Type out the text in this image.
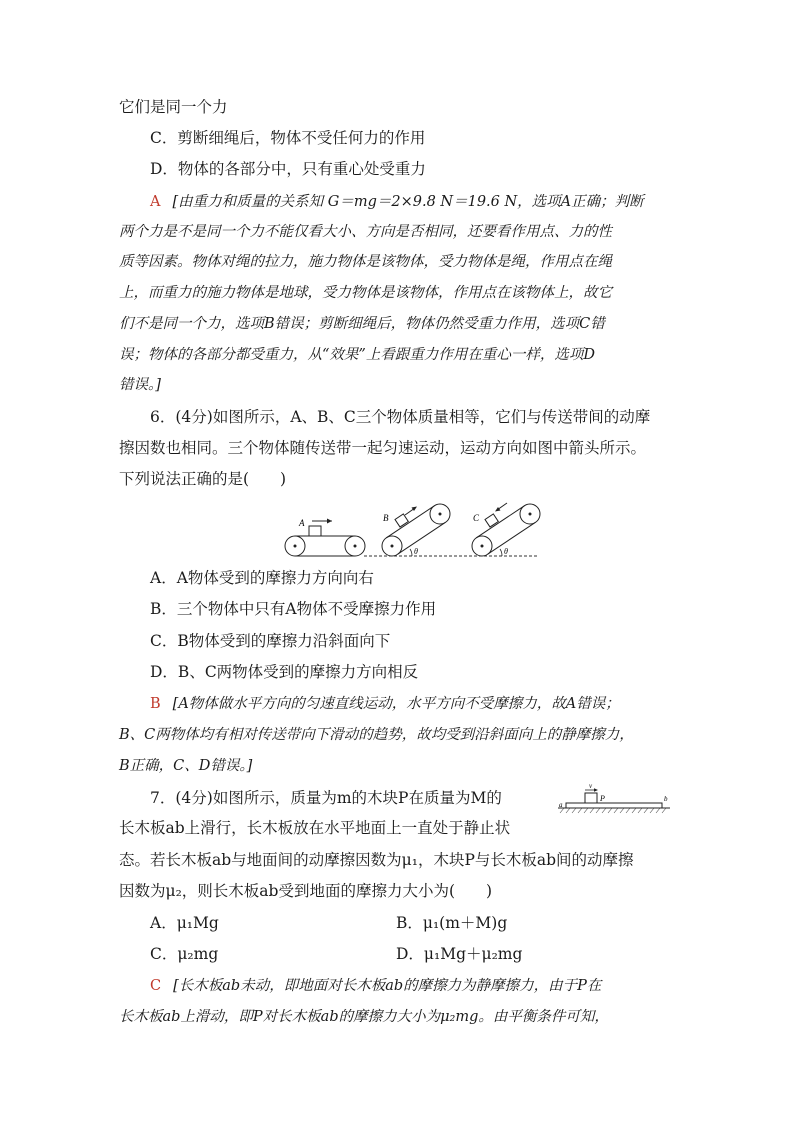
它们是同一个力
C．剪断细绳后，物体不受任何力的作用
D．物体的各部分中，只有重心处受重力
A [由重力和质量的关系知 G＝mg＝2×9.8 N＝19.6 N，选项A正确；判断
两个力是不是同一个力不能仅看大小、方向是否相同，还要看作用点、力的性
质等因素。物体对绳的拉力，施力物体是该物体，受力物体是绳，作用点在绳
上，而重力的施力物体是地球，受力物体是该物体，作用点在该物体上，故它
们不是同一个力，选项B错误；剪断细绳后，物体仍然受重力作用，选项C错
误；物体的各部分都受重力，从“效果”上看跟重力作用在重心一样，选项D
错误。]
6．(4分)如图所示，A、B、C三个物体质量相等，它们与传送带间的动摩
擦因数也相同。三个物体随传送带一起匀速运动，运动方向如图中箭头所示。
下列说法正确的是(　　)
A	B
θ
C
θ
A．A物体受到的摩擦力方向向右
B．三个物体中只有A物体不受摩擦力作用
C．B物体受到的摩擦力沿斜面向下
D．B、C两物体受到的摩擦力方向相反
B [A物体做水平方向的匀速直线运动，水平方向不受摩擦力，故A错误；
B、C两物体均有相对传送带向下滑动的趋势，故均受到沿斜面向上的静摩擦力，
B正确，C、D错误。]
7．(4分)如图所示，质量为m的木块P在质量为M的
v
P
a
b
长木板ab上滑行，长木板放在水平地面上一直处于静止状
态。若长木板ab与地面间的动摩擦因数为μ₁，木块P与长木板ab间的动摩擦
因数为μ₂，则长木板ab受到地面的摩擦力大小为(　　)
A．μ₁Mg	B．μ₁(m＋M)g
C．μ₂mg	D．μ₁Mg＋μ₂mg
C [长木板ab未动，即地面对长木板ab的摩擦力为静摩擦力，由于P在
长木板ab上滑动，即P对长木板ab的摩擦力大小为μ₂mg。由平衡条件可知，
